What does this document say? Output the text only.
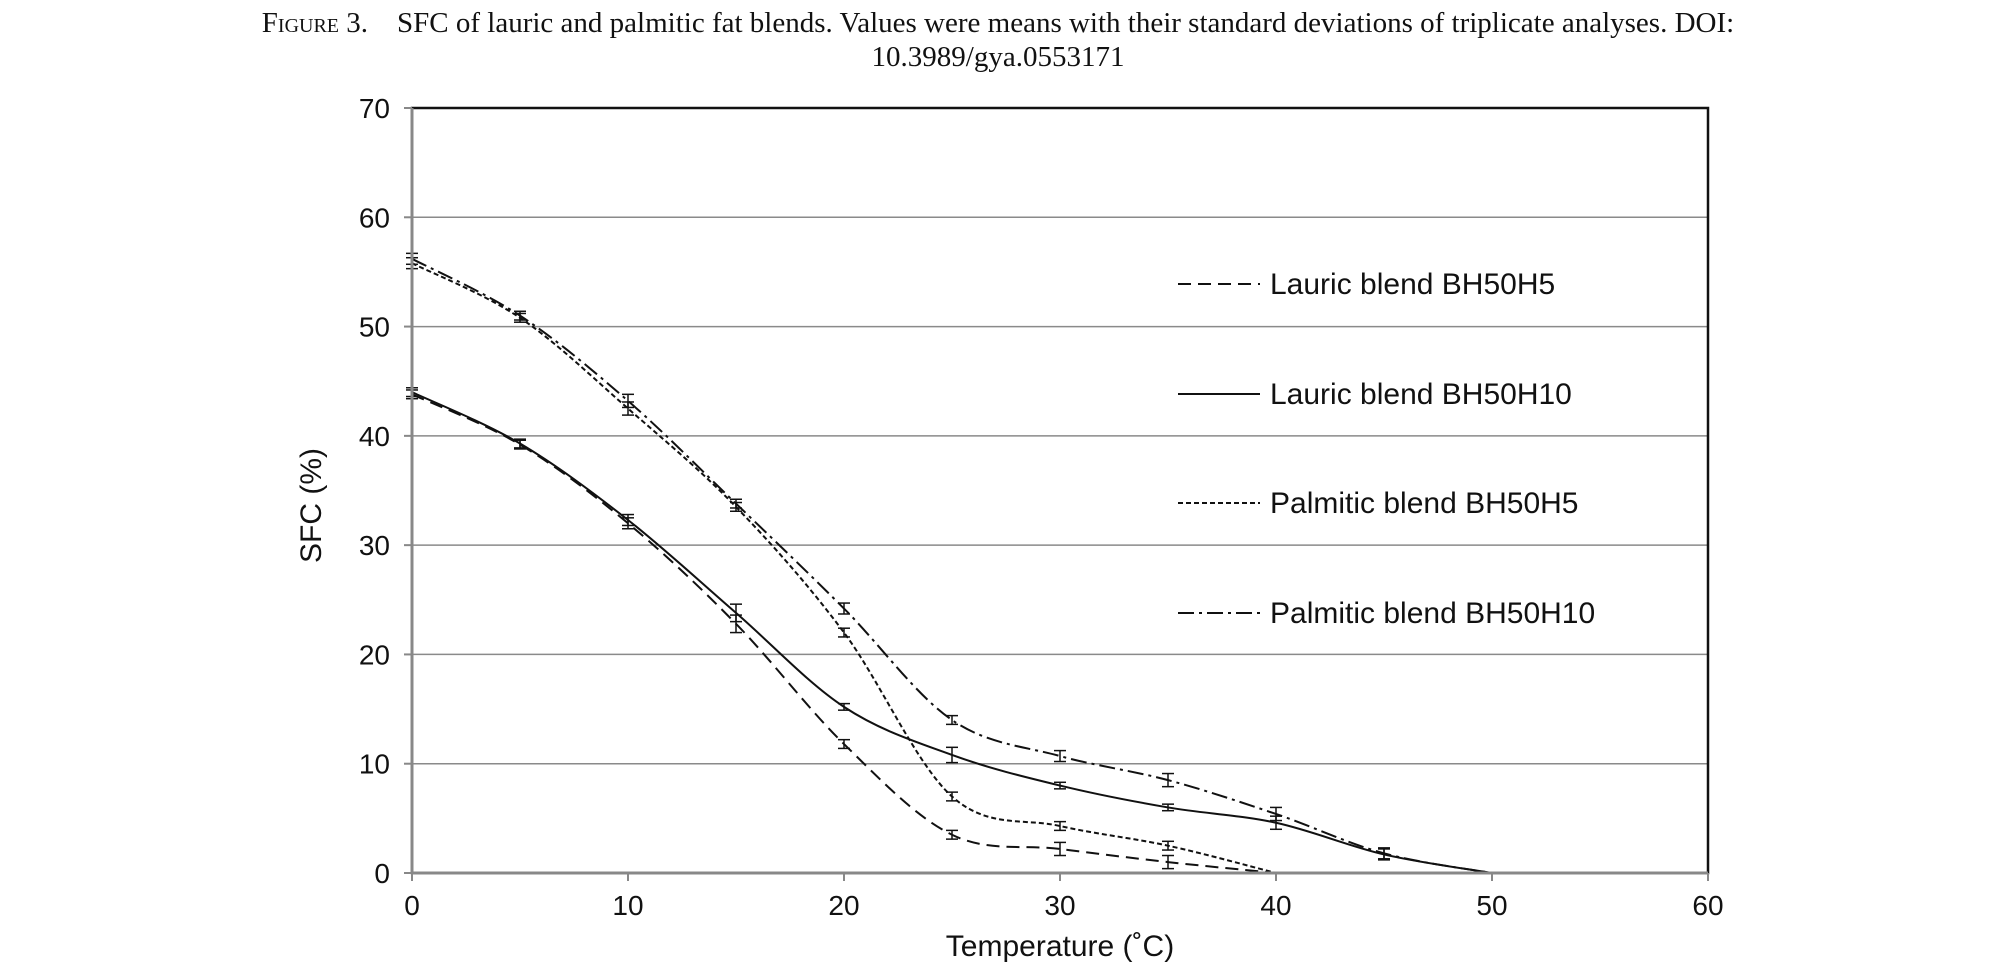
Figure 3. SFC of lauric and palmitic fat blends. Values were means with their standard deviations of triplicate analyses. DOI:
10.3989/gya.0553171
0
10
20
30
40
50
60
70
0	10	20	30	40	50	60
Temperature (˚C)
SFC (%)
Lauric blend BH50H5
Lauric blend BH50H10
Palmitic blend BH50H5
Palmitic blend BH50H10
